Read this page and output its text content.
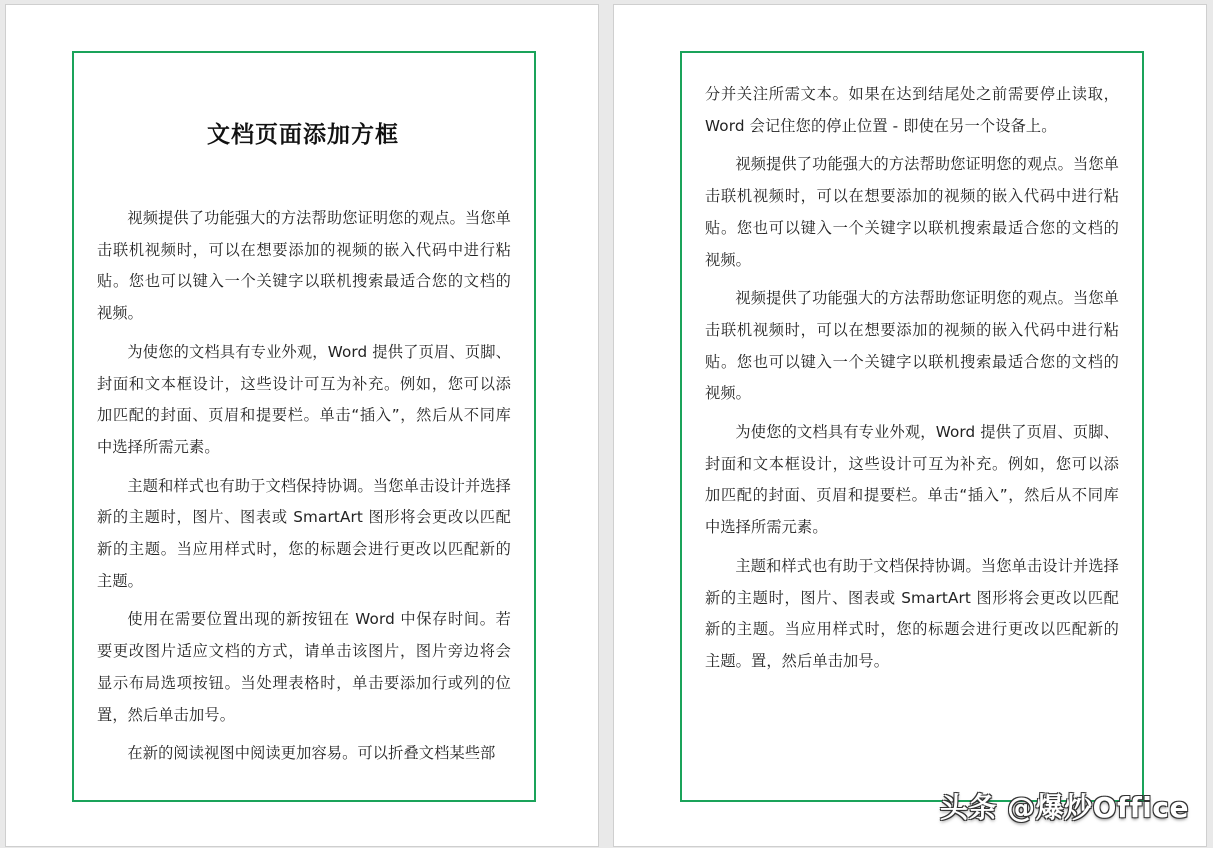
文档页面添加方框

视频提供了功能强大的方法帮助您证明您的观点。当您单击联机视频时，可以在想要添加的视频的嵌入代码中进行粘贴。您也可以键入一个关键字以联机搜索最适合您的文档的视频。

为使您的文档具有专业外观，Word 提供了页眉、页脚、封面和文本框设计，这些设计可互为补充。例如，您可以添加匹配的封面、页眉和提要栏。单击“插入”，然后从不同库中选择所需元素。

主题和样式也有助于文档保持协调。当您单击设计并选择新的主题时，图片、图表或 SmartArt 图形将会更改以匹配新的主题。当应用样式时，您的标题会进行更改以匹配新的主题。

使用在需要位置出现的新按钮在 Word 中保存时间。若要更改图片适应文档的方式，请单击该图片，图片旁边将会显示布局选项按钮。当处理表格时，单击要添加行或列的位置，然后单击加号。

在新的阅读视图中阅读更加容易。可以折叠文档某些部

分并关注所需文本。如果在达到结尾处之前需要停止读取，Word 会记住您的停止位置 - 即使在另一个设备上。

视频提供了功能强大的方法帮助您证明您的观点。当您单击联机视频时，可以在想要添加的视频的嵌入代码中进行粘贴。您也可以键入一个关键字以联机搜索最适合您的文档的视频。

视频提供了功能强大的方法帮助您证明您的观点。当您单击联机视频时，可以在想要添加的视频的嵌入代码中进行粘贴。您也可以键入一个关键字以联机搜索最适合您的文档的视频。

为使您的文档具有专业外观，Word 提供了页眉、页脚、封面和文本框设计，这些设计可互为补充。例如，您可以添加匹配的封面、页眉和提要栏。单击“插入”，然后从不同库中选择所需元素。

主题和样式也有助于文档保持协调。当您单击设计并选择新的主题时，图片、图表或 SmartArt 图形将会更改以匹配新的主题。当应用样式时，您的标题会进行更改以匹配新的主题。置，然后单击加号。

头条 @爆炒Office
